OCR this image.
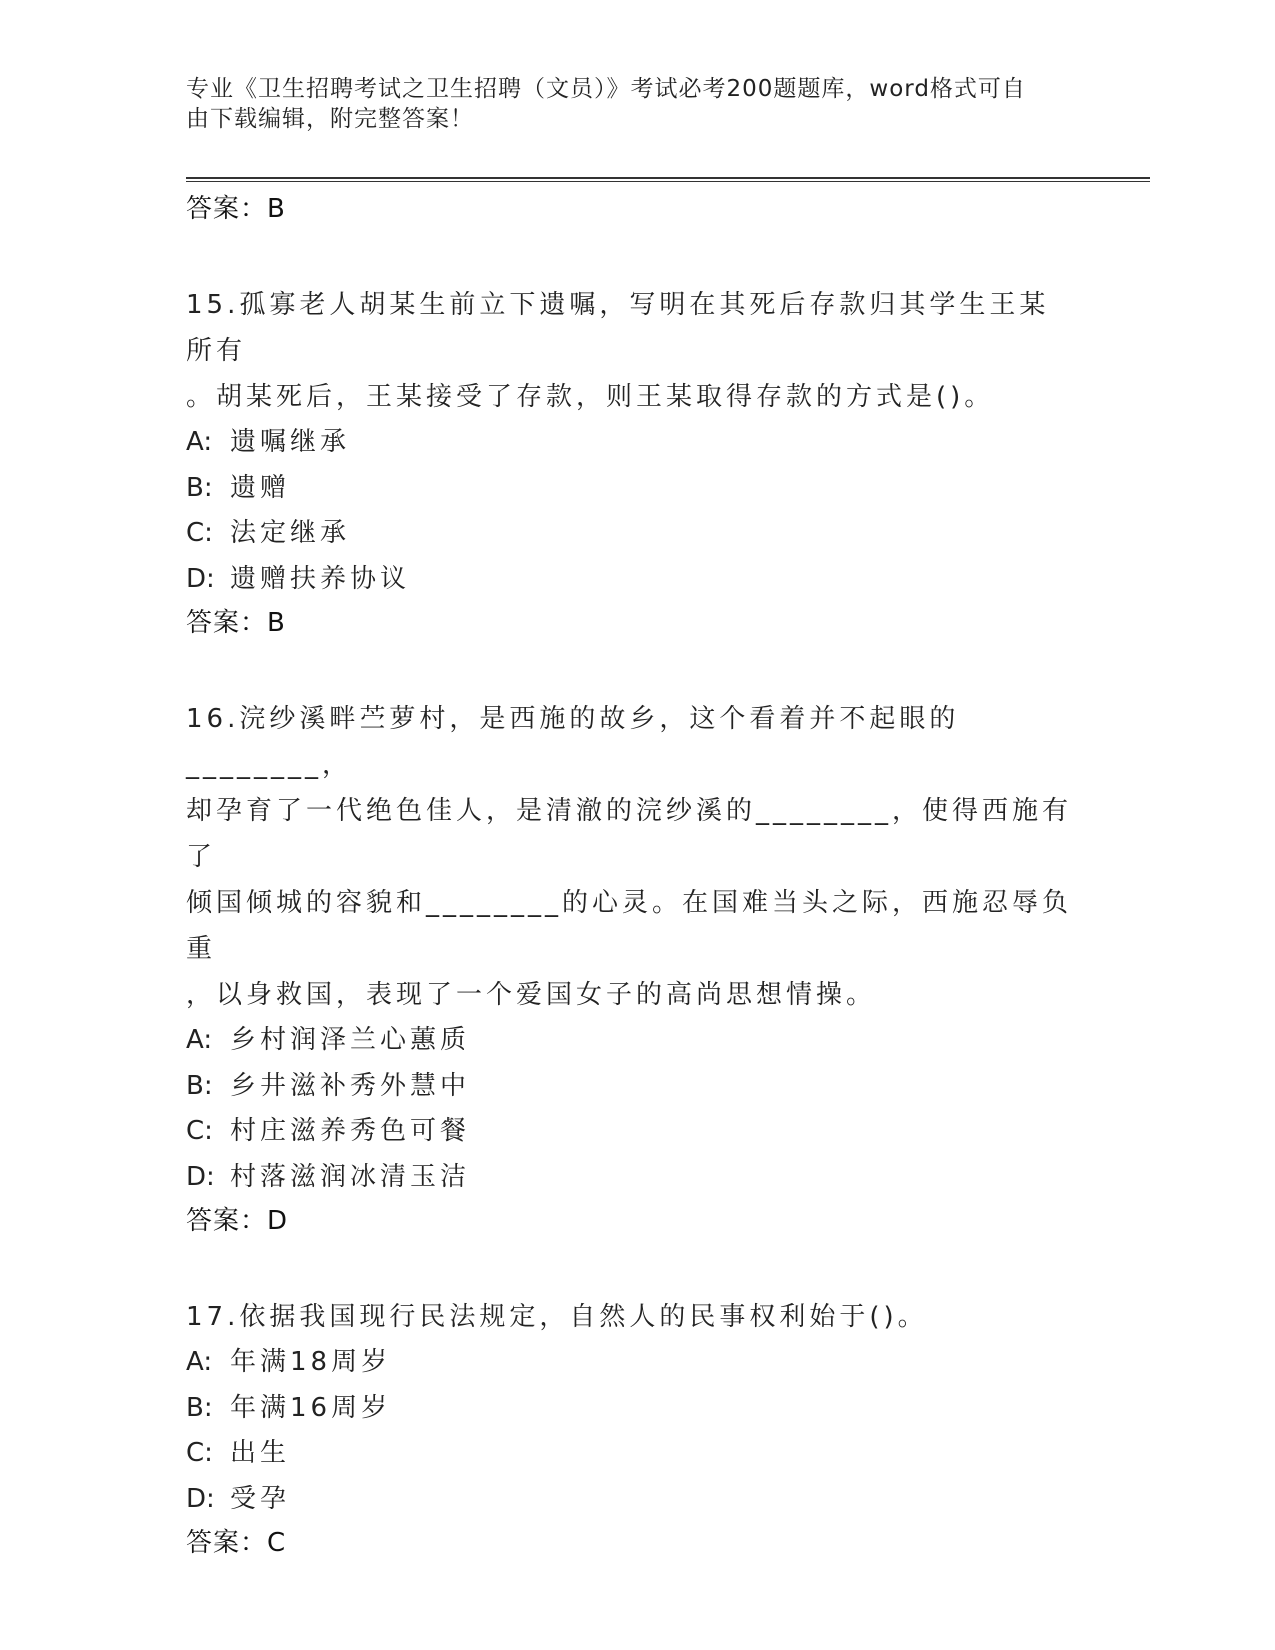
专业《卫生招聘考试之卫生招聘（文员）》考试必考200题题库，word格式可自
由下载编辑，附完整答案！
答案：B
15.孤寡老人胡某生前立下遗嘱，写明在其死后存款归其学生王某所有
。胡某死后，王某接受了存款，则王某取得存款的方式是()。
A: 遗嘱继承
B: 遗赠
C: 法定继承
D: 遗赠扶养协议
答案：B
16.浣纱溪畔苎萝村，是西施的故乡，这个看着并不起眼的________，
却孕育了一代绝色佳人，是清澈的浣纱溪的________，使得西施有了
倾国倾城的容貌和________的心灵。在国难当头之际，西施忍辱负重
，以身救国，表现了一个爱国女子的高尚思想情操。
A: 乡村润泽兰心蕙质
B: 乡井滋补秀外慧中
C: 村庄滋养秀色可餐
D: 村落滋润冰清玉洁
答案：D
17.依据我国现行民法规定，自然人的民事权利始于()。
A: 年满18周岁
B: 年满16周岁
C: 出生
D: 受孕
答案：C
